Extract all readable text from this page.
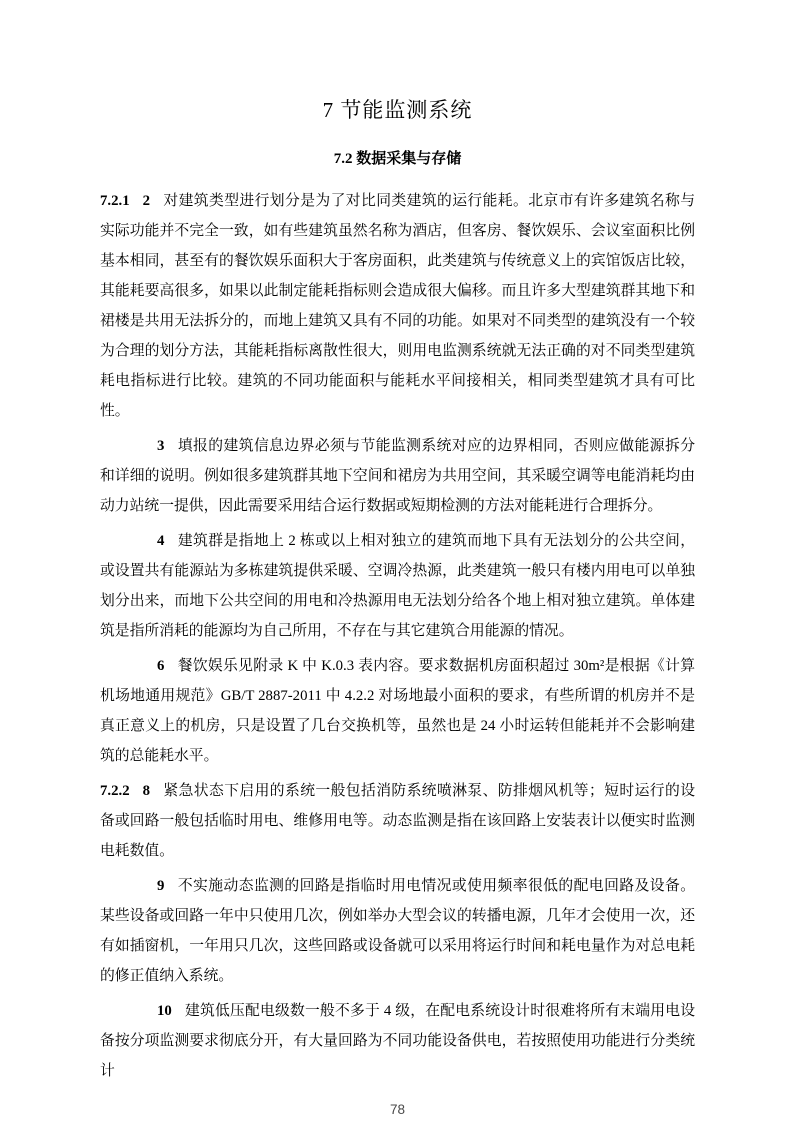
7 节能监测系统
7.2 数据采集与存储

7.2.1 2 对建筑类型进行划分是为了对比同类建筑的运行能耗。北京市有许多建筑名称与实际功能并不完全一致，如有些建筑虽然名称为酒店，但客房、餐饮娱乐、会议室面积比例基本相同，甚至有的餐饮娱乐面积大于客房面积，此类建筑与传统意义上的宾馆饭店比较，其能耗要高很多，如果以此制定能耗指标则会造成很大偏移。而且许多大型建筑群其地下和裙楼是共用无法拆分的，而地上建筑又具有不同的功能。如果对不同类型的建筑没有一个较为合理的划分方法，其能耗指标离散性很大，则用电监测系统就无法正确的对不同类型建筑耗电指标进行比较。建筑的不同功能面积与能耗水平间接相关，相同类型建筑才具有可比性。

3 填报的建筑信息边界必须与节能监测系统对应的边界相同，否则应做能源拆分和详细的说明。例如很多建筑群其地下空间和裙房为共用空间，其采暖空调等电能消耗均由动力站统一提供，因此需要采用结合运行数据或短期检测的方法对能耗进行合理拆分。

4 建筑群是指地上 2 栋或以上相对独立的建筑而地下具有无法划分的公共空间，或设置共有能源站为多栋建筑提供采暖、空调冷热源，此类建筑一般只有楼内用电可以单独划分出来，而地下公共空间的用电和冷热源用电无法划分给各个地上相对独立建筑。单体建筑是指所消耗的能源均为自己所用，不存在与其它建筑合用能源的情况。

6 餐饮娱乐见附录 K 中 K.0.3 表内容。要求数据机房面积超过 30m²是根据《计算机场地通用规范》GB/T 2887-2011 中 4.2.2 对场地最小面积的要求，有些所谓的机房并不是真正意义上的机房，只是设置了几台交换机等，虽然也是 24 小时运转但能耗并不会影响建筑的总能耗水平。

7.2.2 8 紧急状态下启用的系统一般包括消防系统喷淋泵、防排烟风机等；短时运行的设备或回路一般包括临时用电、维修用电等。动态监测是指在该回路上安装表计以便实时监测电耗数值。

9 不实施动态监测的回路是指临时用电情况或使用频率很低的配电回路及设备。某些设备或回路一年中只使用几次，例如举办大型会议的转播电源，几年才会使用一次，还有如插窗机，一年用只几次，这些回路或设备就可以采用将运行时间和耗电量作为对总电耗的修正值纳入系统。

10 建筑低压配电级数一般不多于 4 级，在配电系统设计时很难将所有末端用电设备按分项监测要求彻底分开，有大量回路为不同功能设备供电，若按照使用功能进行分类统计

78
